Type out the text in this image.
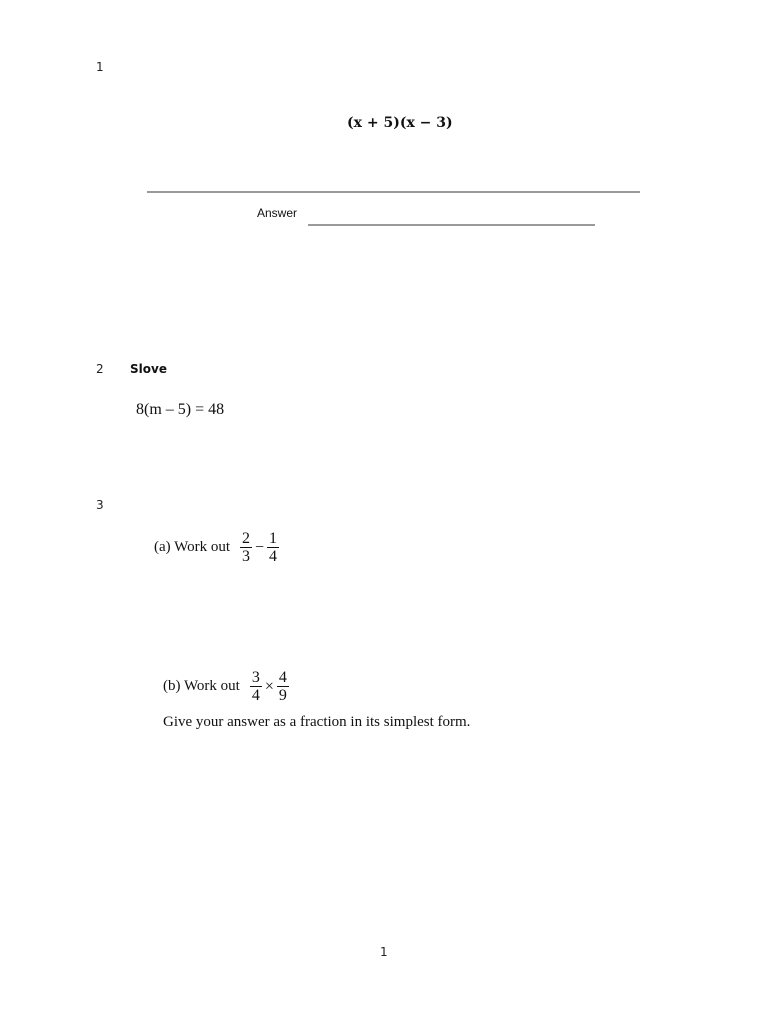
1
(x + 5)(x − 3)
Answer
2 Slove
8(m – 5) = 48
3
(a) Work out $\frac{2}{3} - \frac{1}{4}$
(b) Work out $\frac{3}{4} \times \frac{4}{9}$
Give your answer as a fraction in its simplest form.
1
